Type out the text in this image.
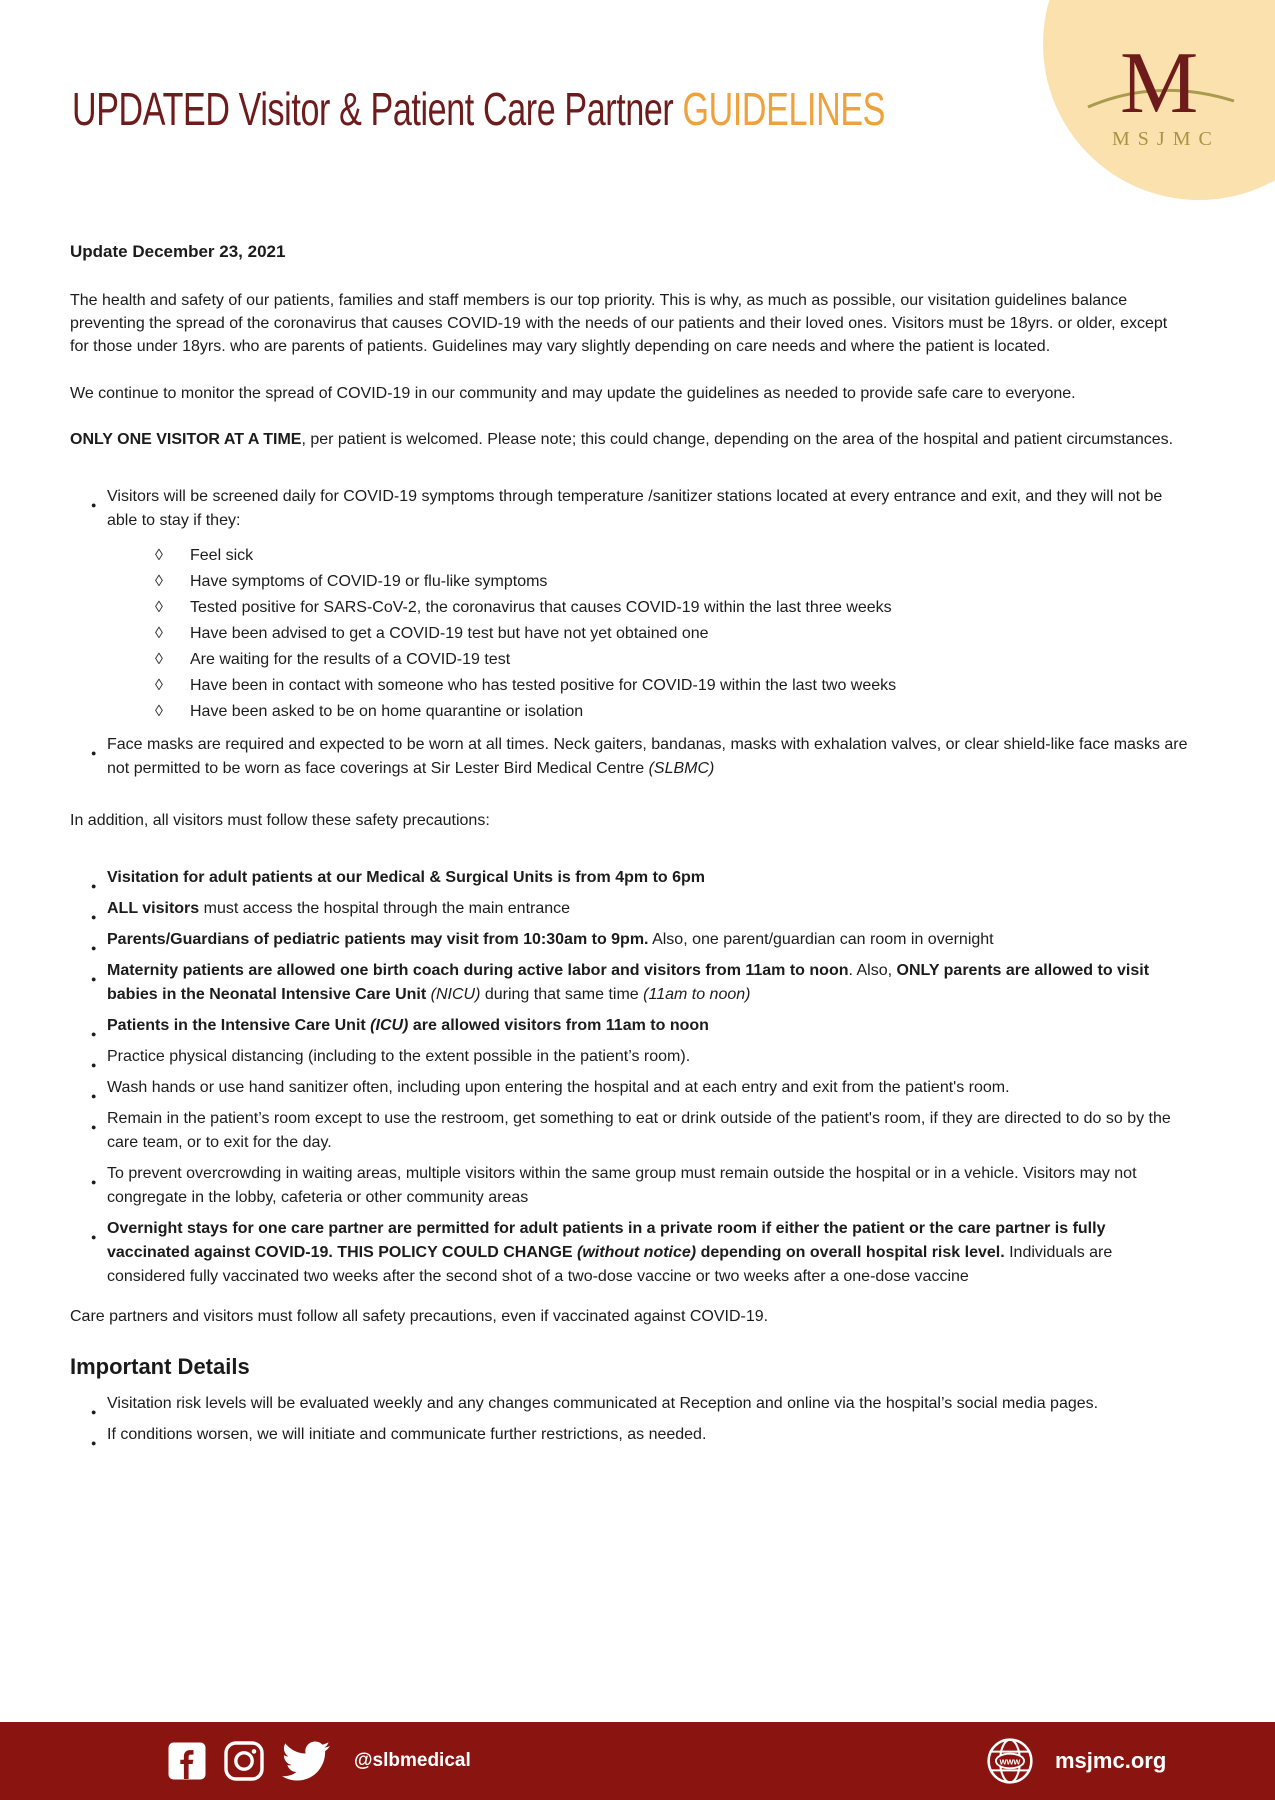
UPDATED Visitor & Patient Care Partner GUIDELINES	M
MSJMC

Update December 23, 2021

The health and safety of our patients, families and staff members is our top priority. This is why, as much as possible, our visitation guidelines balance preventing the spread of the coronavirus that causes COVID-19 with the needs of our patients and their loved ones. Visitors must be 18yrs. or older, except for those under 18yrs. who are parents of patients. Guidelines may vary slightly depending on care needs and where the patient is located.

We continue to monitor the spread of COVID-19 in our community and may update the guidelines as needed to provide safe care to everyone.

ONLY ONE VISITOR AT A TIME, per patient is welcomed. Please note; this could change, depending on the area of the hospital and patient circumstances.

● Visitors will be screened daily for COVID-19 symptoms through temperature /sanitizer stations located at every entrance and exit, and they will not be able to stay if they:
◊ Feel sick
◊ Have symptoms of COVID-19 or flu-like symptoms
◊ Tested positive for SARS-CoV-2, the coronavirus that causes COVID-19 within the last three weeks
◊ Have been advised to get a COVID-19 test but have not yet obtained one
◊ Are waiting for the results of a COVID-19 test
◊ Have been in contact with someone who has tested positive for COVID-19 within the last two weeks
◊ Have been asked to be on home quarantine or isolation
● Face masks are required and expected to be worn at all times. Neck gaiters, bandanas, masks with exhalation valves, or clear shield-like face masks are not permitted to be worn as face coverings at Sir Lester Bird Medical Centre (SLBMC)

In addition, all visitors must follow these safety precautions:

● Visitation for adult patients at our Medical & Surgical Units is from 4pm to 6pm
● ALL visitors must access the hospital through the main entrance
● Parents/Guardians of pediatric patients may visit from 10:30am to 9pm. Also, one parent/guardian can room in overnight
● Maternity patients are allowed one birth coach during active labor and visitors from 11am to noon. Also, ONLY parents are allowed to visit babies in the Neonatal Intensive Care Unit (NICU) during that same time (11am to noon)
● Patients in the Intensive Care Unit (ICU) are allowed visitors from 11am to noon
● Practice physical distancing (including to the extent possible in the patient’s room).
● Wash hands or use hand sanitizer often, including upon entering the hospital and at each entry and exit from the patient's room.
● Remain in the patient’s room except to use the restroom, get something to eat or drink outside of the patient's room, if they are directed to do so by the care team, or to exit for the day.
● To prevent overcrowding in waiting areas, multiple visitors within the same group must remain outside the hospital or in a vehicle. Visitors may not congregate in the lobby, cafeteria or other community areas
● Overnight stays for one care partner are permitted for adult patients in a private room if either the patient or the care partner is fully vaccinated against COVID-19. THIS POLICY COULD CHANGE (without notice) depending on overall hospital risk level. Individuals are considered fully vaccinated two weeks after the second shot of a two-dose vaccine or two weeks after a one-dose vaccine

Care partners and visitors must follow all safety precautions, even if vaccinated against COVID-19.

Important Details
● Visitation risk levels will be evaluated weekly and any changes communicated at Reception and online via the hospital’s social media pages.
● If conditions worsen, we will initiate and communicate further restrictions, as needed.
@slbmedical	www msjmc.org
